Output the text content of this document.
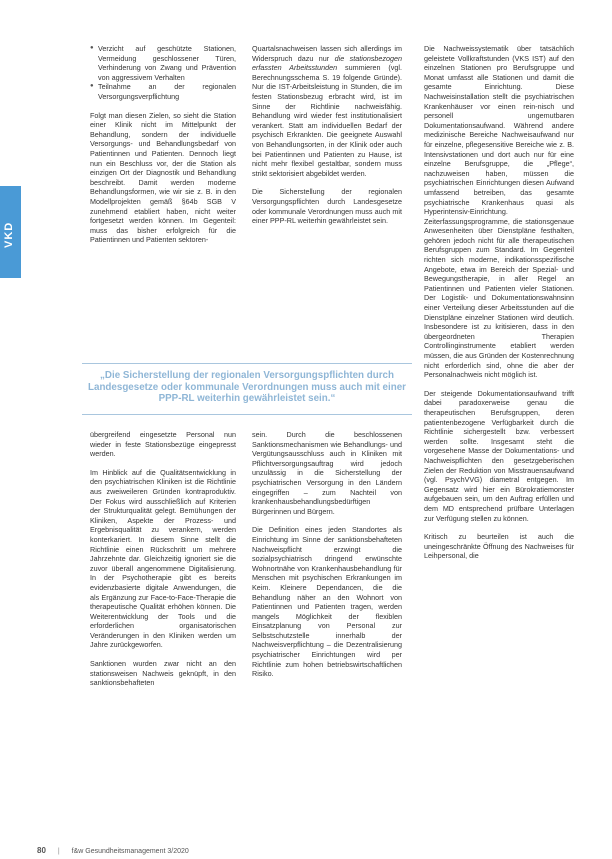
VKD
● Verzicht auf geschützte Stationen, Vermeidung geschlossener Türen, Verhinderung von Zwang und Prävention von aggressivem Verhalten
● Teilnahme an der regionalen Versorgungsverpflichtung

Folgt man diesen Zielen, so sieht die Station einer Klinik nicht im Mittelpunkt der Behandlung, sondern der individuelle Versorgungs- und Behandlungsbedarf von Patientinnen und Patienten. Dennoch liegt nun ein Beschluss vor, der die Station als einzigen Ort der Diagnostik und Behandlung beschreibt. Damit werden moderne Behandlungsformen, wie wir sie z. B. in den Modellprojekten gemäß §64b SGB V zunehmend etabliert haben, nicht weiter fortgesetzt werden können. Im Gegenteil: muss das bisher erfolgreich für die Patientinnen und Patienten sektoren-

Quartalsnachweisen lassen sich allerdings im Widerspruch dazu nur die stationsbezogen erfassten Arbeitsstunden summieren (vgl. Berechnungsschema S. 19 folgende Gründe). Nur die IST-Arbeitsleistung in Stunden, die im festen Stationsbezug erbracht wird, ist im Sinne der Richtlinie nachweisfähig. Behandlung wird wieder fest institutionalisiert verankert. Statt am individuellen Bedarf der psychisch Erkrankten. Die geeignete Auswahl von Behandlungsorten, in der Klinik oder auch bei Patientinnen und Patienten zu Hause, ist nicht mehr flexibel gestaltbar, sondern muss strikt sektorisiert abgebildet werden.

Die Sicherstellung der regionalen Versorgungspflichten durch Landesgesetze oder kommunale Verordnungen muss auch mit einer PPP-RL weiterhin gewährleistet sein.

„Die Sicherstellung der regionalen Versorgungspflichten durch Landesgesetze oder kommunale Verordnungen muss auch mit einer PPP-RL weiterhin gewährleistet sein.“

übergreifend eingesetzte Personal nun wieder in feste Stationsbezüge eingepresst werden.

Im Hinblick auf die Qualitätsentwicklung in den psychiatrischen Kliniken ist die Richtlinie aus zweiweileren Gründen kontraproduktiv. Der Fokus wird ausschließlich auf Kriterien der Strukturqualität gelegt. Bemühungen der Kliniken, Aspekte der Prozess- und Ergebnisqualität zu verankern, werden konterkariert. In diesem Sinne stellt die Richtlinie einen Rückschritt um mehrere Jahrzehnte dar. Gleichzeitig ignoriert sie die zuvor überall angenommene Digitalisierung. In der Psychotherapie gibt es bereits evidenzbasierte digitale Anwendungen, die als Ergänzung zur Face-to-Face-Therapie die therapeutische Qualität erhöhen können. Die Weiterentwicklung der Tools und die erforderlichen organisatorischen Veränderungen in den Kliniken werden um Jahre zurückgeworfen.

Sanktionen wurden zwar nicht an den stationsweisen Nachweis geknüpft, in den sanktionsbehafteten

sein. Durch die beschlossenen Sanktionsmechanismen wie Behandlungs- und Vergütungsausschluss auch in Kliniken mit Pflichtversorgungsauftrag wird jedoch unzulässig in die Sicherstellung der psychiatrischen Versorgung in den Ländern eingegriffen – zum Nachteil von krankenhausbehandlungsbedürftigen Bürgerinnen und Bürgern.

Die Definition eines jeden Standortes als Einrichtung im Sinne der sanktionsbehafteten Nachweispflicht erzwingt die sozialpsychiatrisch dringend erwünschte Wohnortnähe von Krankenhausbehandlung für Menschen mit psychischen Erkrankungen im Keim. Kleinere Dependancen, die die Behandlung näher an den Wohnort von Patientinnen und Patienten tragen, werden mangels Möglichkeit der flexiblen Einsatzplanung von Personal zur Selbstschutzstelle innerhalb der Nachweisverpflichtung – die Dezentralisierung psychiatrischer Einrichtungen wird per Richtlinie zum hohen betriebswirtschaftlichen Risiko.

Die Nachweissystematik über tatsächlich geleistete Vollkraftstunden (VKS IST) auf den einzelnen Stationen pro Berufsgruppe und Monat umfasst alle Stationen und damit die gesamte Einrichtung. Diese Nachweisinstallation stellt die psychiatrischen Krankenhäuser vor einen rein-nisch und personell ungemutbaren Dokumentationsaufwand. Während andere medizinische Bereiche Nachweisaufwand nur für einzelne, pflegesensitive Bereiche wie z. B. Intensivstationen und dort auch nur für eine einzelne Berufsgruppe, die „Pflege“, nachzuweisen haben, müssen die psychiatrischen Einrichtungen diesen Aufwand umfassend betreiben, das gesamte psychiatrische Krankenhaus quasi als Hyperintensiv-Einrichtung. Zeiterfassungsprogramme, die stationsgenaue Anwesenheiten über Dienstpläne festhalten, gehören jedoch nicht für alle therapeutischen Berufsgruppen zum Standard. Im Gegenteil richten sich moderne, indikationsspezifische Angebote, etwa im Bereich der Spezial- und Bewegungstherapie, in aller Regel an Patientinnen und Patienten vieler Stationen. Der Logistik- und Dokumentationswahnsinn einer Verteilung dieser Arbeitsstunden auf die Dienstpläne einzelner Stationen wird deutlich. Insbesondere ist zu kritisieren, dass in den übergeordneten Therapien Controllinginstrumente etabliert werden müssen, die aus Gründen der Kostenrechnung nicht erforderlich sind, ohne die aber der Personalnachweis nicht möglich ist.

Der steigende Dokumentationsaufwand trifft dabei paradoxerweise genau die therapeutischen Berufsgruppen, deren patientenbezogene Verfügbarkeit durch die Richtlinie sichergestellt bzw. verbessert werden sollte. Insgesamt steht die vorgesehene Masse der Dokumentations- und Nachweispflichten den gesetzgeberischen Zielen der Reduktion von Misstrauensaufwand (vgl. PsychVVG) diametral entgegen. Im Gegensatz wird hier ein Bürokratiemonster aufgebauen sein, um den Auftrag erfüllen und dem MD entsprechend prüfbare Unterlagen zur Verfügung stellen zu können.

Kritisch zu beurteilen ist auch die uneingeschränkte Öffnung des Nachweises für Leihpersonal, die

80 | f&w Gesundheitsmanagement 3/2020
